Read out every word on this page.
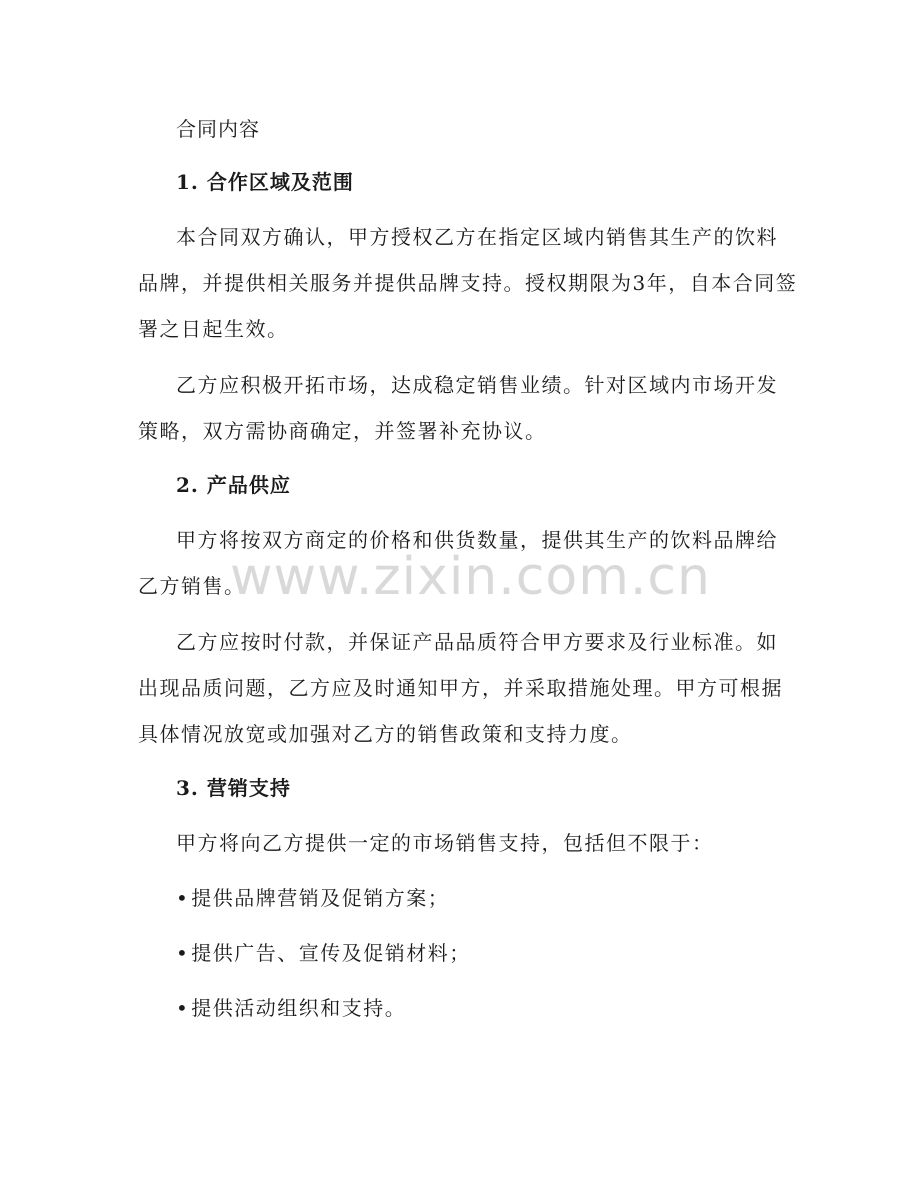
合同内容
1. 合作区域及范围
本合同双方确认，甲方授权乙方在指定区域内销售其生产的饮料
品牌，并提供相关服务并提供品牌支持。授权期限为3年，自本合同签
署之日起生效。
乙方应积极开拓市场，达成稳定销售业绩。针对区域内市场开发
策略，双方需协商确定，并签署补充协议。
2. 产品供应
甲方将按双方商定的价格和供货数量，提供其生产的饮料品牌给
乙方销售。
乙方应按时付款，并保证产品品质符合甲方要求及行业标准。如
出现品质问题，乙方应及时通知甲方，并采取措施处理。甲方可根据
具体情况放宽或加强对乙方的销售政策和支持力度。
3. 营销支持
甲方将向乙方提供一定的市场销售支持，包括但不限于：
• 提供品牌营销及促销方案；
• 提供广告、宣传及促销材料；
• 提供活动组织和支持。
www.zixin.com.cn
